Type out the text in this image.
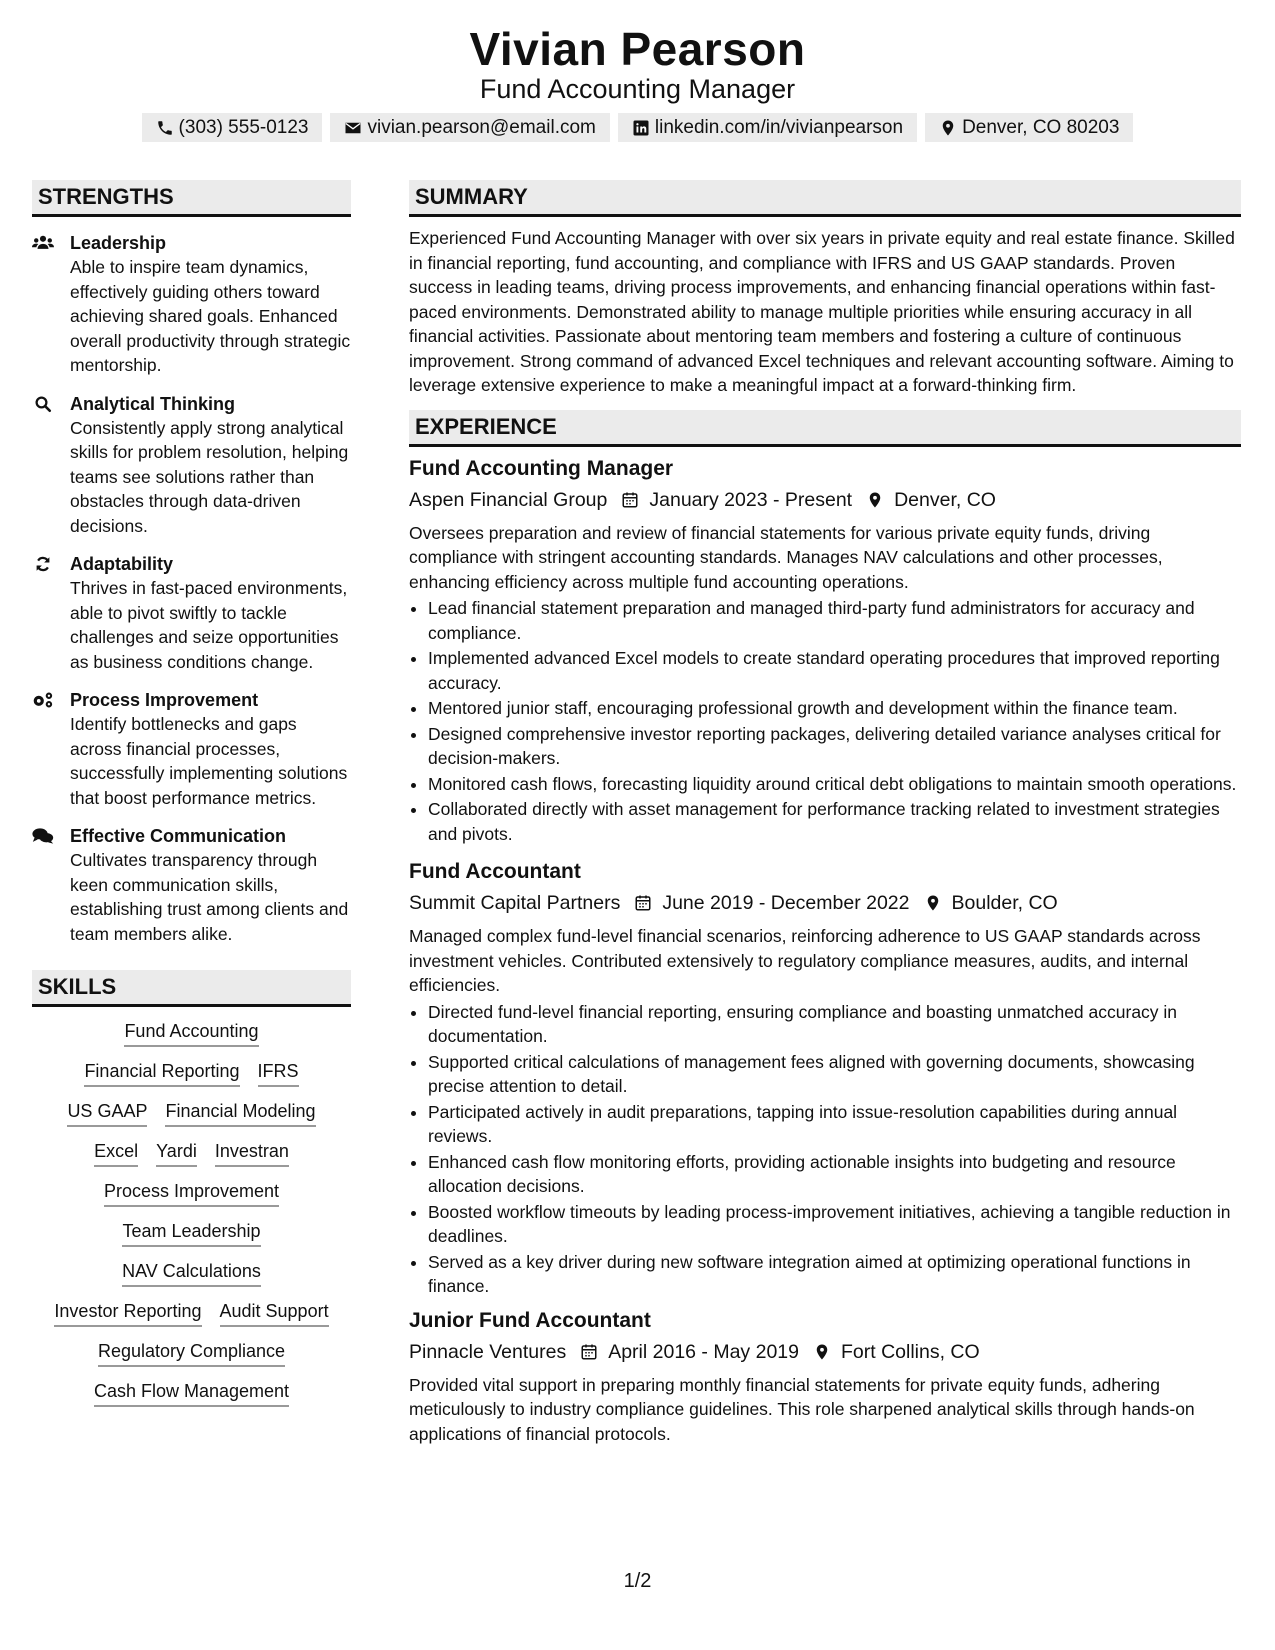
Vivian Pearson
Fund Accounting Manager
(303) 555-0123	vivian.pearson@email.com	linkedin.com/in/vivianpearson	Denver, CO 80203
STRENGTHS
Leadership
Able to inspire team dynamics, effectively guiding others toward achieving shared goals. Enhanced overall productivity through strategic mentorship.
Analytical Thinking
Consistently apply strong analytical skills for problem resolution, helping teams see solutions rather than obstacles through data-driven decisions.
Adaptability
Thrives in fast-paced environments, able to pivot swiftly to tackle challenges and seize opportunities as business conditions change.
Process Improvement
Identify bottlenecks and gaps across financial processes, successfully implementing solutions that boost performance metrics.
Effective Communication
Cultivates transparency through keen communication skills, establishing trust among clients and team members alike.
SKILLS
Fund Accounting
Financial Reporting IFRS
US GAAP Financial Modeling
Excel Yardi Investran
Process Improvement
Team Leadership
NAV Calculations
Investor Reporting Audit Support
Regulatory Compliance
Cash Flow Management
SUMMARY
Experienced Fund Accounting Manager with over six years in private equity and real estate finance. Skilled in financial reporting, fund accounting, and compliance with IFRS and US GAAP standards. Proven success in leading teams, driving process improvements, and enhancing financial operations within fast-paced environments. Demonstrated ability to manage multiple priorities while ensuring accuracy in all financial activities. Passionate about mentoring team members and fostering a culture of continuous improvement. Strong command of advanced Excel techniques and relevant accounting software. Aiming to leverage extensive experience to make a meaningful impact at a forward-thinking firm.
EXPERIENCE
Fund Accounting Manager
Aspen Financial Group January 2023 - Present Denver, CO
Oversees preparation and review of financial statements for various private equity funds, driving compliance with stringent accounting standards. Manages NAV calculations and other processes, enhancing efficiency across multiple fund accounting operations.
• Lead financial statement preparation and managed third-party fund administrators for accuracy and compliance.
• Implemented advanced Excel models to create standard operating procedures that improved reporting accuracy.
• Mentored junior staff, encouraging professional growth and development within the finance team.
• Designed comprehensive investor reporting packages, delivering detailed variance analyses critical for decision-makers.
• Monitored cash flows, forecasting liquidity around critical debt obligations to maintain smooth operations.
• Collaborated directly with asset management for performance tracking related to investment strategies and pivots.
Fund Accountant
Summit Capital Partners June 2019 - December 2022 Boulder, CO
Managed complex fund-level financial scenarios, reinforcing adherence to US GAAP standards across investment vehicles. Contributed extensively to regulatory compliance measures, audits, and internal efficiencies.
• Directed fund-level financial reporting, ensuring compliance and boasting unmatched accuracy in documentation.
• Supported critical calculations of management fees aligned with governing documents, showcasing precise attention to detail.
• Participated actively in audit preparations, tapping into issue-resolution capabilities during annual reviews.
• Enhanced cash flow monitoring efforts, providing actionable insights into budgeting and resource allocation decisions.
• Boosted workflow timeouts by leading process-improvement initiatives, achieving a tangible reduction in deadlines.
• Served as a key driver during new software integration aimed at optimizing operational functions in finance.
Junior Fund Accountant
Pinnacle Ventures April 2016 - May 2019 Fort Collins, CO
Provided vital support in preparing monthly financial statements for private equity funds, adhering meticulously to industry compliance guidelines. This role sharpened analytical skills through hands-on applications of financial protocols.
1/2
